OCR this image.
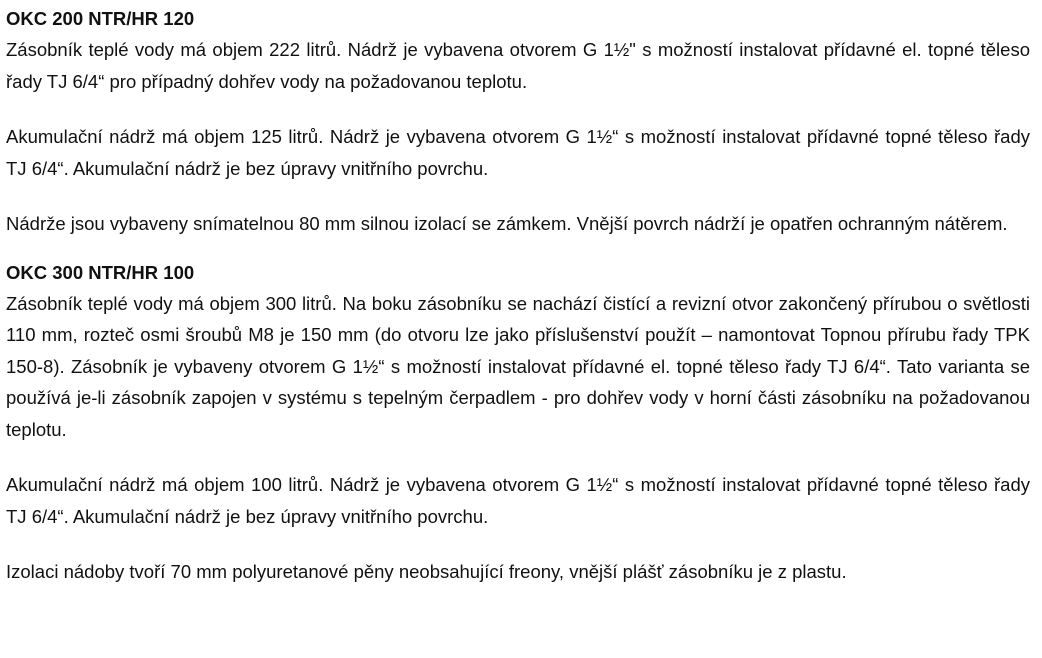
OKC 200 NTR/HR 120

Zásobník teplé vody má objem 222 litrů. Nádrž je vybavena otvorem G 1½" s možností instalovat přídavné el. topné těleso řady TJ 6/4“ pro případný dohřev vody na požadovanou teplotu.

Akumulační nádrž má objem 125 litrů. Nádrž je vybavena otvorem G 1½“ s možností instalovat přídavné topné těleso řady TJ 6/4“. Akumulační nádrž je bez úpravy vnitřního povrchu.

Nádrže jsou vybaveny snímatelnou 80 mm silnou izolací se zámkem. Vnější povrch nádrží je opatřen ochranným nátěrem.

OKC 300 NTR/HR 100

Zásobník teplé vody má objem 300 litrů. Na boku zásobníku se nachází čistící a revizní otvor zakončený přírubou o světlosti 110 mm, rozteč osmi šroubů M8 je 150 mm (do otvoru lze jako příslušenství použít – namontovat Topnou přírubu řady TPK 150-8). Zásobník je vybaveny otvorem G 1½“ s možností instalovat přídavné el. topné těleso řady TJ 6/4“. Tato varianta se používá je-li zásobník zapojen v systému s tepelným čerpadlem - pro dohřev vody v horní části zásobníku na požadovanou teplotu.

Akumulační nádrž má objem 100 litrů. Nádrž je vybavena otvorem G 1½“ s možností instalovat přídavné topné těleso řady TJ 6/4“. Akumulační nádrž je bez úpravy vnitřního povrchu.

Izolaci nádoby tvoří 70 mm polyuretanové pěny neobsahující freony, vnější plášť zásobníku je z plastu.
